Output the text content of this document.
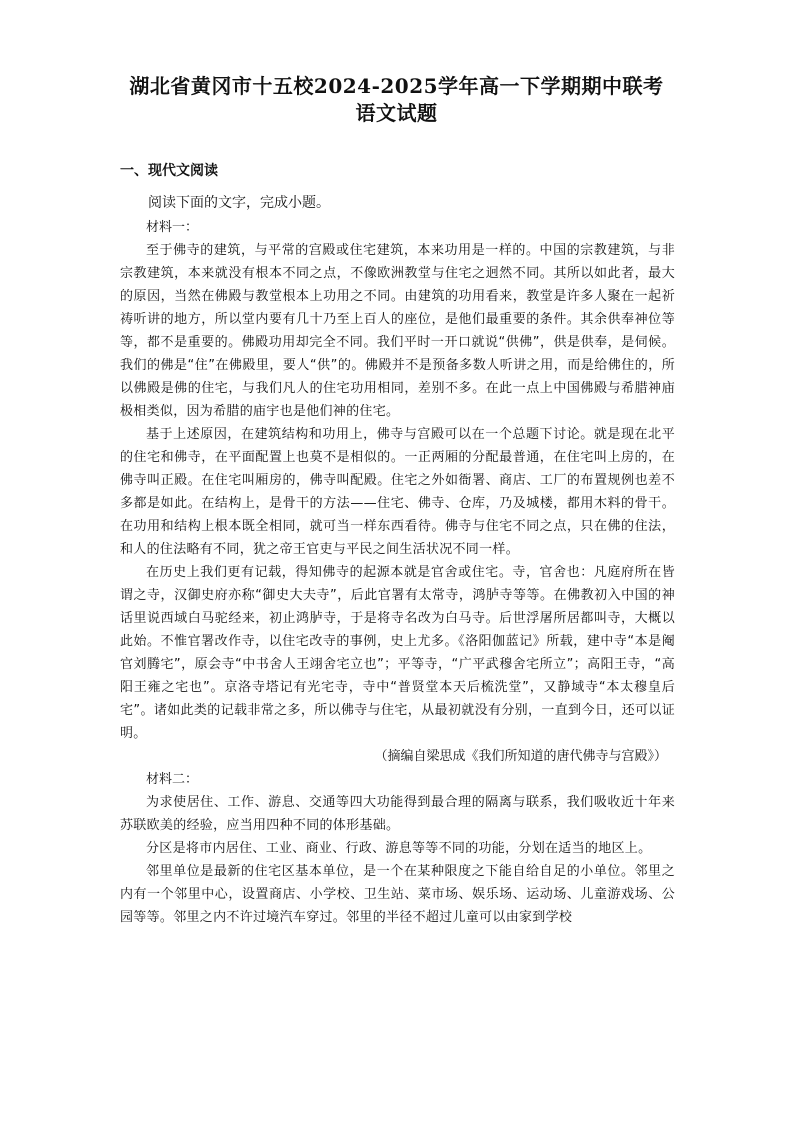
湖北省黄冈市十五校2024-2025学年高一下学期期中联考
语文试题
一、现代文阅读

阅读下面的文字，完成小题。

材料一：

至于佛寺的建筑，与平常的宫殿或住宅建筑，本来功用是一样的。中国的宗教建筑，与非宗教建筑，本来就没有根本不同之点，不像欧洲教堂与住宅之迥然不同。其所以如此者，最大的原因，当然在佛殿与教堂根本上功用之不同。由建筑的功用看来，教堂是许多人聚在一起祈祷听讲的地方，所以堂内要有几十乃至上百人的座位，是他们最重要的条件。其余供奉神位等等，都不是重要的。佛殿功用却完全不同。我们平时一开口就说“供佛”，供是供奉，是伺候。我们的佛是“住”在佛殿里，要人“供”的。佛殿并不是预备多数人听讲之用，而是给佛住的，所以佛殿是佛的住宅，与我们凡人的住宅功用相同，差别不多。在此一点上中国佛殿与希腊神庙极相类似，因为希腊的庙宇也是他们神的住宅。

基于上述原因，在建筑结构和功用上，佛寺与宫殿可以在一个总题下讨论。就是现在北平的住宅和佛寺，在平面配置上也莫不是相似的。一正两厢的分配最普通，在住宅叫上房的，在佛寺叫正殿。在住宅叫厢房的，佛寺叫配殿。住宅之外如衙署、商店、工厂的布置规例也差不多都是如此。在结构上，是骨干的方法——住宅、佛寺、仓库，乃及城楼，都用木料的骨干。在功用和结构上根本既全相同，就可当一样东西看待。佛寺与住宅不同之点，只在佛的住法，和人的住法略有不同，犹之帝王官吏与平民之间生活状况不同一样。

在历史上我们更有记载，得知佛寺的起源本就是官舍或住宅。寺，官舍也：凡庭府所在皆谓之寺，汉御史府亦称“御史大夫寺”，后此官署有太常寺，鸿胪寺等等。在佛教初入中国的神话里说西域白马驼经来，初止鸿胪寺，于是将寺名改为白马寺。后世浮屠所居都叫寺，大概以此始。不惟官署改作寺，以住宅改寺的事例，史上尤多。《洛阳伽蓝记》所载，建中寺“本是阉官刘腾宅”，原会寺“中书舍人王翊舍宅立也”；平等寺，“广平武穆舍宅所立”；高阳王寺，“高阳王雍之宅也”。京洛寺塔记有光宅寺，寺中“普贤堂本天后梳洗堂”，又静域寺“本太穆皇后宅”。诸如此类的记载非常之多，所以佛寺与住宅，从最初就没有分别，一直到今日，还可以证明。

（摘编自梁思成《我们所知道的唐代佛寺与宫殿》）

材料二：

为求使居住、工作、游息、交通等四大功能得到最合理的隔离与联系，我们吸收近十年来苏联欧美的经验，应当用四种不同的体形基础。

分区是将市内居住、工业、商业、行政、游息等等不同的功能，分划在适当的地区上。

邻里单位是最新的住宅区基本单位，是一个在某种限度之下能自给自足的小单位。邻里之内有一个邻里中心，设置商店、小学校、卫生站、菜市场、娱乐场、运动场、儿童游戏场、公园等等。邻里之内不许过境汽车穿过。邻里的半径不超过儿童可以由家到学校
